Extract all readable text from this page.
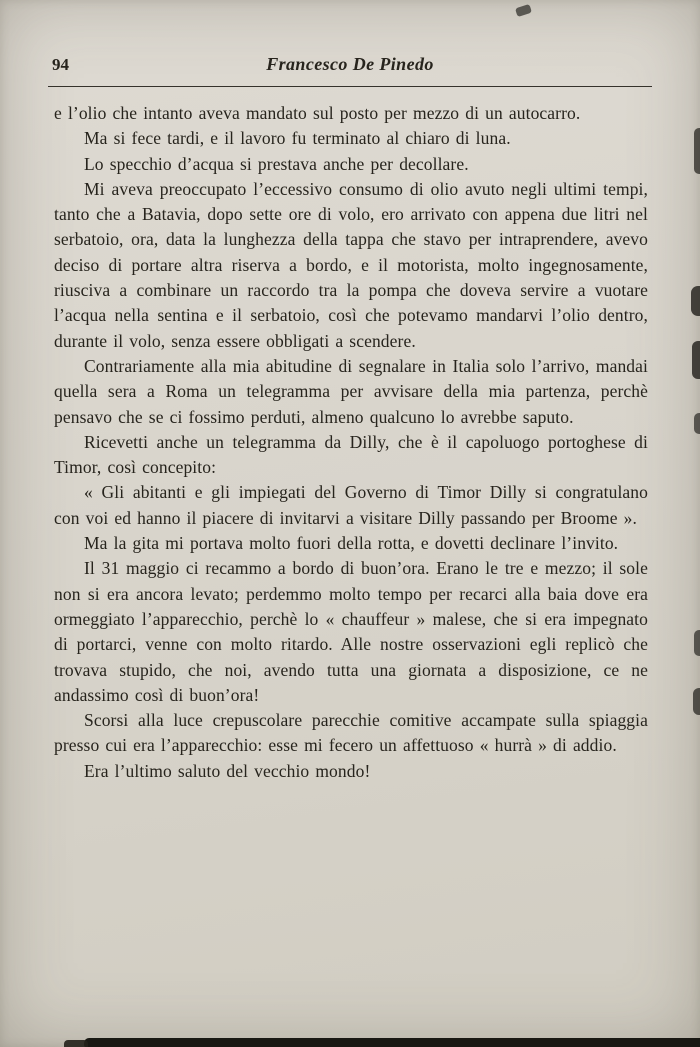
94	Francesco De Pinedo

e l’olio che intanto aveva mandato sul posto per mezzo di un autocarro.

Ma si fece tardi, e il lavoro fu terminato al chiaro di luna.

Lo specchio d’acqua si prestava anche per decollare.

Mi aveva preoccupato l’eccessivo consumo di olio avuto negli ultimi tempi, tanto che a Batavia, dopo sette ore di volo, ero arrivato con appena due litri nel serbatoio, ora, data la lunghezza della tappa che stavo per intraprendere, avevo deciso di portare altra riserva a bordo, e il motorista, molto ingegnosamente, riusciva a combinare un raccordo tra la pompa che doveva servire a vuotare l’acqua nella sentina e il serbatoio, così che potevamo mandarvi l’olio dentro, durante il volo, senza essere obbligati a scendere.

Contrariamente alla mia abitudine di segnalare in Italia solo l’arrivo, mandai quella sera a Roma un telegramma per avvisare della mia partenza, perchè pensavo che se ci fossimo perduti, almeno qualcuno lo avrebbe saputo.

Ricevetti anche un telegramma da Dilly, che è il capoluogo portoghese di Timor, così concepito:

« Gli abitanti e gli impiegati del Governo di Timor Dilly si congratulano con voi ed hanno il piacere di invitarvi a visitare Dilly passando per Broome ».

Ma la gita mi portava molto fuori della rotta, e dovetti declinare l’invito.

Il 31 maggio ci recammo a bordo di buon’ora. Erano le tre e mezzo; il sole non si era ancora levato; perdemmo molto tempo per recarci alla baia dove era ormeggiato l’apparecchio, perchè lo « chauffeur » malese, che si era impegnato di portarci, venne con molto ritardo. Alle nostre osservazioni egli replicò che trovava stupido, che noi, avendo tutta una giornata a disposizione, ce ne andassimo così di buon’ora!

Scorsi alla luce crepuscolare parecchie comitive accampate sulla spiaggia presso cui era l’apparecchio: esse mi fecero un affettuoso « hurrà » di addio.

Era l’ultimo saluto del vecchio mondo!
